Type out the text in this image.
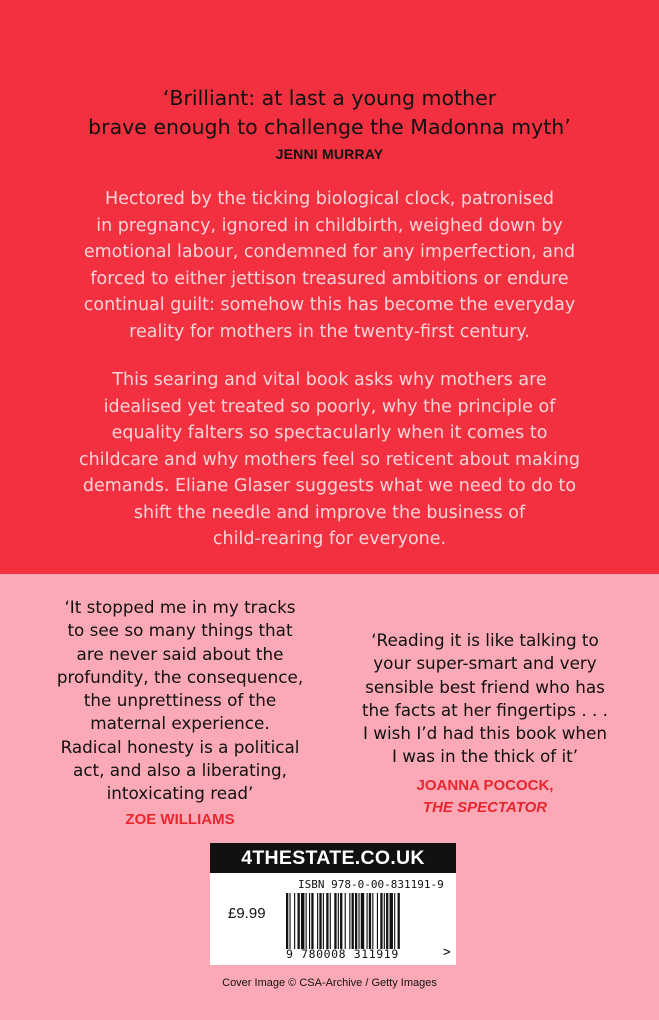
‘Brilliant: at last a young mother
brave enough to challenge the Madonna myth’
JENNI MURRAY
Hectored by the ticking biological clock, patronised
in pregnancy, ignored in childbirth, weighed down by
emotional labour, condemned for any imperfection, and
forced to either jettison treasured ambitions or endure
continual guilt: somehow this has become the everyday
reality for mothers in the twenty-first century.
This searing and vital book asks why mothers are
idealised yet treated so poorly, why the principle of
equality falters so spectacularly when it comes to
childcare and why mothers feel so reticent about making
demands. Eliane Glaser suggests what we need to do to
shift the needle and improve the business of
child-rearing for everyone.
‘It stopped me in my tracks
to see so many things that
are never said about the
profundity, the consequence,
the unprettiness of the
maternal experience.
Radical honesty is a political
act, and also a liberating,
intoxicating read’
ZOE WILLIAMS
‘Reading it is like talking to
your super-smart and very
sensible best friend who has
the facts at her fingertips . . .
I wish I’d had this book when
I was in the thick of it’
JOANNA POCOCK,
THE SPECTATOR
4THESTATE.CO.UK
£9.99
ISBN 978-0-00-831191-9
9 780008 311919	>
Cover Image © CSA-Archive / Getty Images
